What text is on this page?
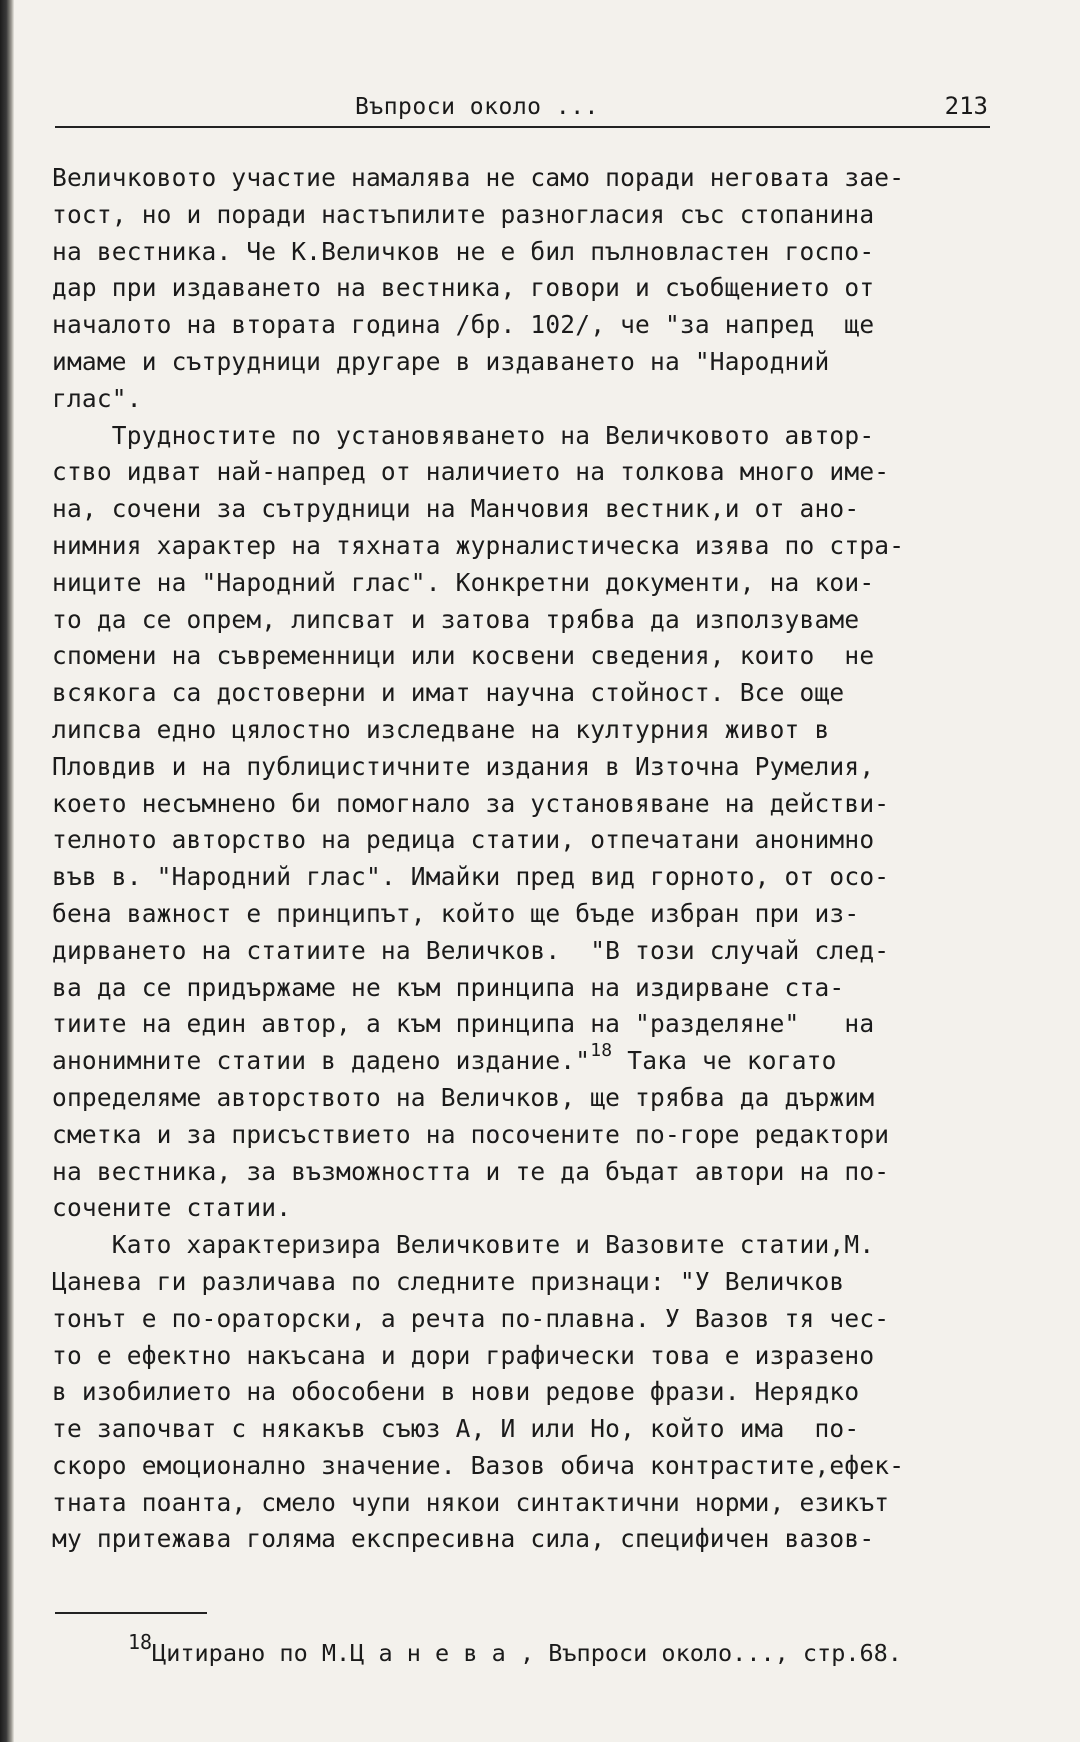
Въпроси около ...	213
Величковото участие намалява не само поради неговата зае-
тост, но и поради настъпилите разногласия със стопанина
на вестника. Че К.Величков не е бил пълновластен госпо-
дар при издаването на вестника, говори и съобщението от
началото на втората година /бр. 102/, че "за напред  ще
имаме и сътрудници другаре в издаването на "Народний
глас".
Трудностите по установяването на Величковото автор-
ство идват най-напред от наличието на толкова много име-
на, сочени за сътрудници на Манчовия вестник,и от ано-
нимния характер на тяхната журналистическа изява по стра-
ниците на "Народний глас". Конкретни документи, на кои-
то да се опрем, липсват и затова трябва да използуваме
спомени на съвременници или косвени сведения, които  не
всякога са достоверни и имат научна стойност. Все още
липсва едно цялостно изследване на културния живот в
Пловдив и на публицистичните издания в Източна Румелия,
което несъмнено би помогнало за установяване на действи-
телното авторство на редица статии, отпечатани анонимно
във в. "Народний глас". Имайки пред вид горното, от осо-
бена важност е принципът, който ще бъде избран при из-
дирването на статиите на Величков.  "В този случай след-
ва да се придържаме не към принципа на издирване ста-
тиите на един автор, а към принципа на "разделяне"   на
анонимните статии в дадено издание."$^{18}$ Така че когато
определяме авторството на Величков, ще трябва да държим
сметка и за присъствието на посочените по-горе редактори
на вестника, за възможността и те да бъдат автори на по-
сочените статии.
Като характеризира Величковите и Вазовите статии,М.
Цанева ги различава по следните признаци: "У Величков
тонът е по-ораторски, а речта по-плавна. У Вазов тя чес-
то е ефектно накъсана и дори графически това е изразено
в изобилието на обособени в нови редове фрази. Нерядко
те започват с някакъв съюз А, И или Но, който има  по-
скоро емоционално значение. Вазов обича контрастите,ефек-
тната поанта, смело чупи някои синтактични норми, езикът
му притежава голяма експресивна сила, специфичен вазов-
18Цитирано по М.Ц а н е в а , Въпроси около..., стр.68.
